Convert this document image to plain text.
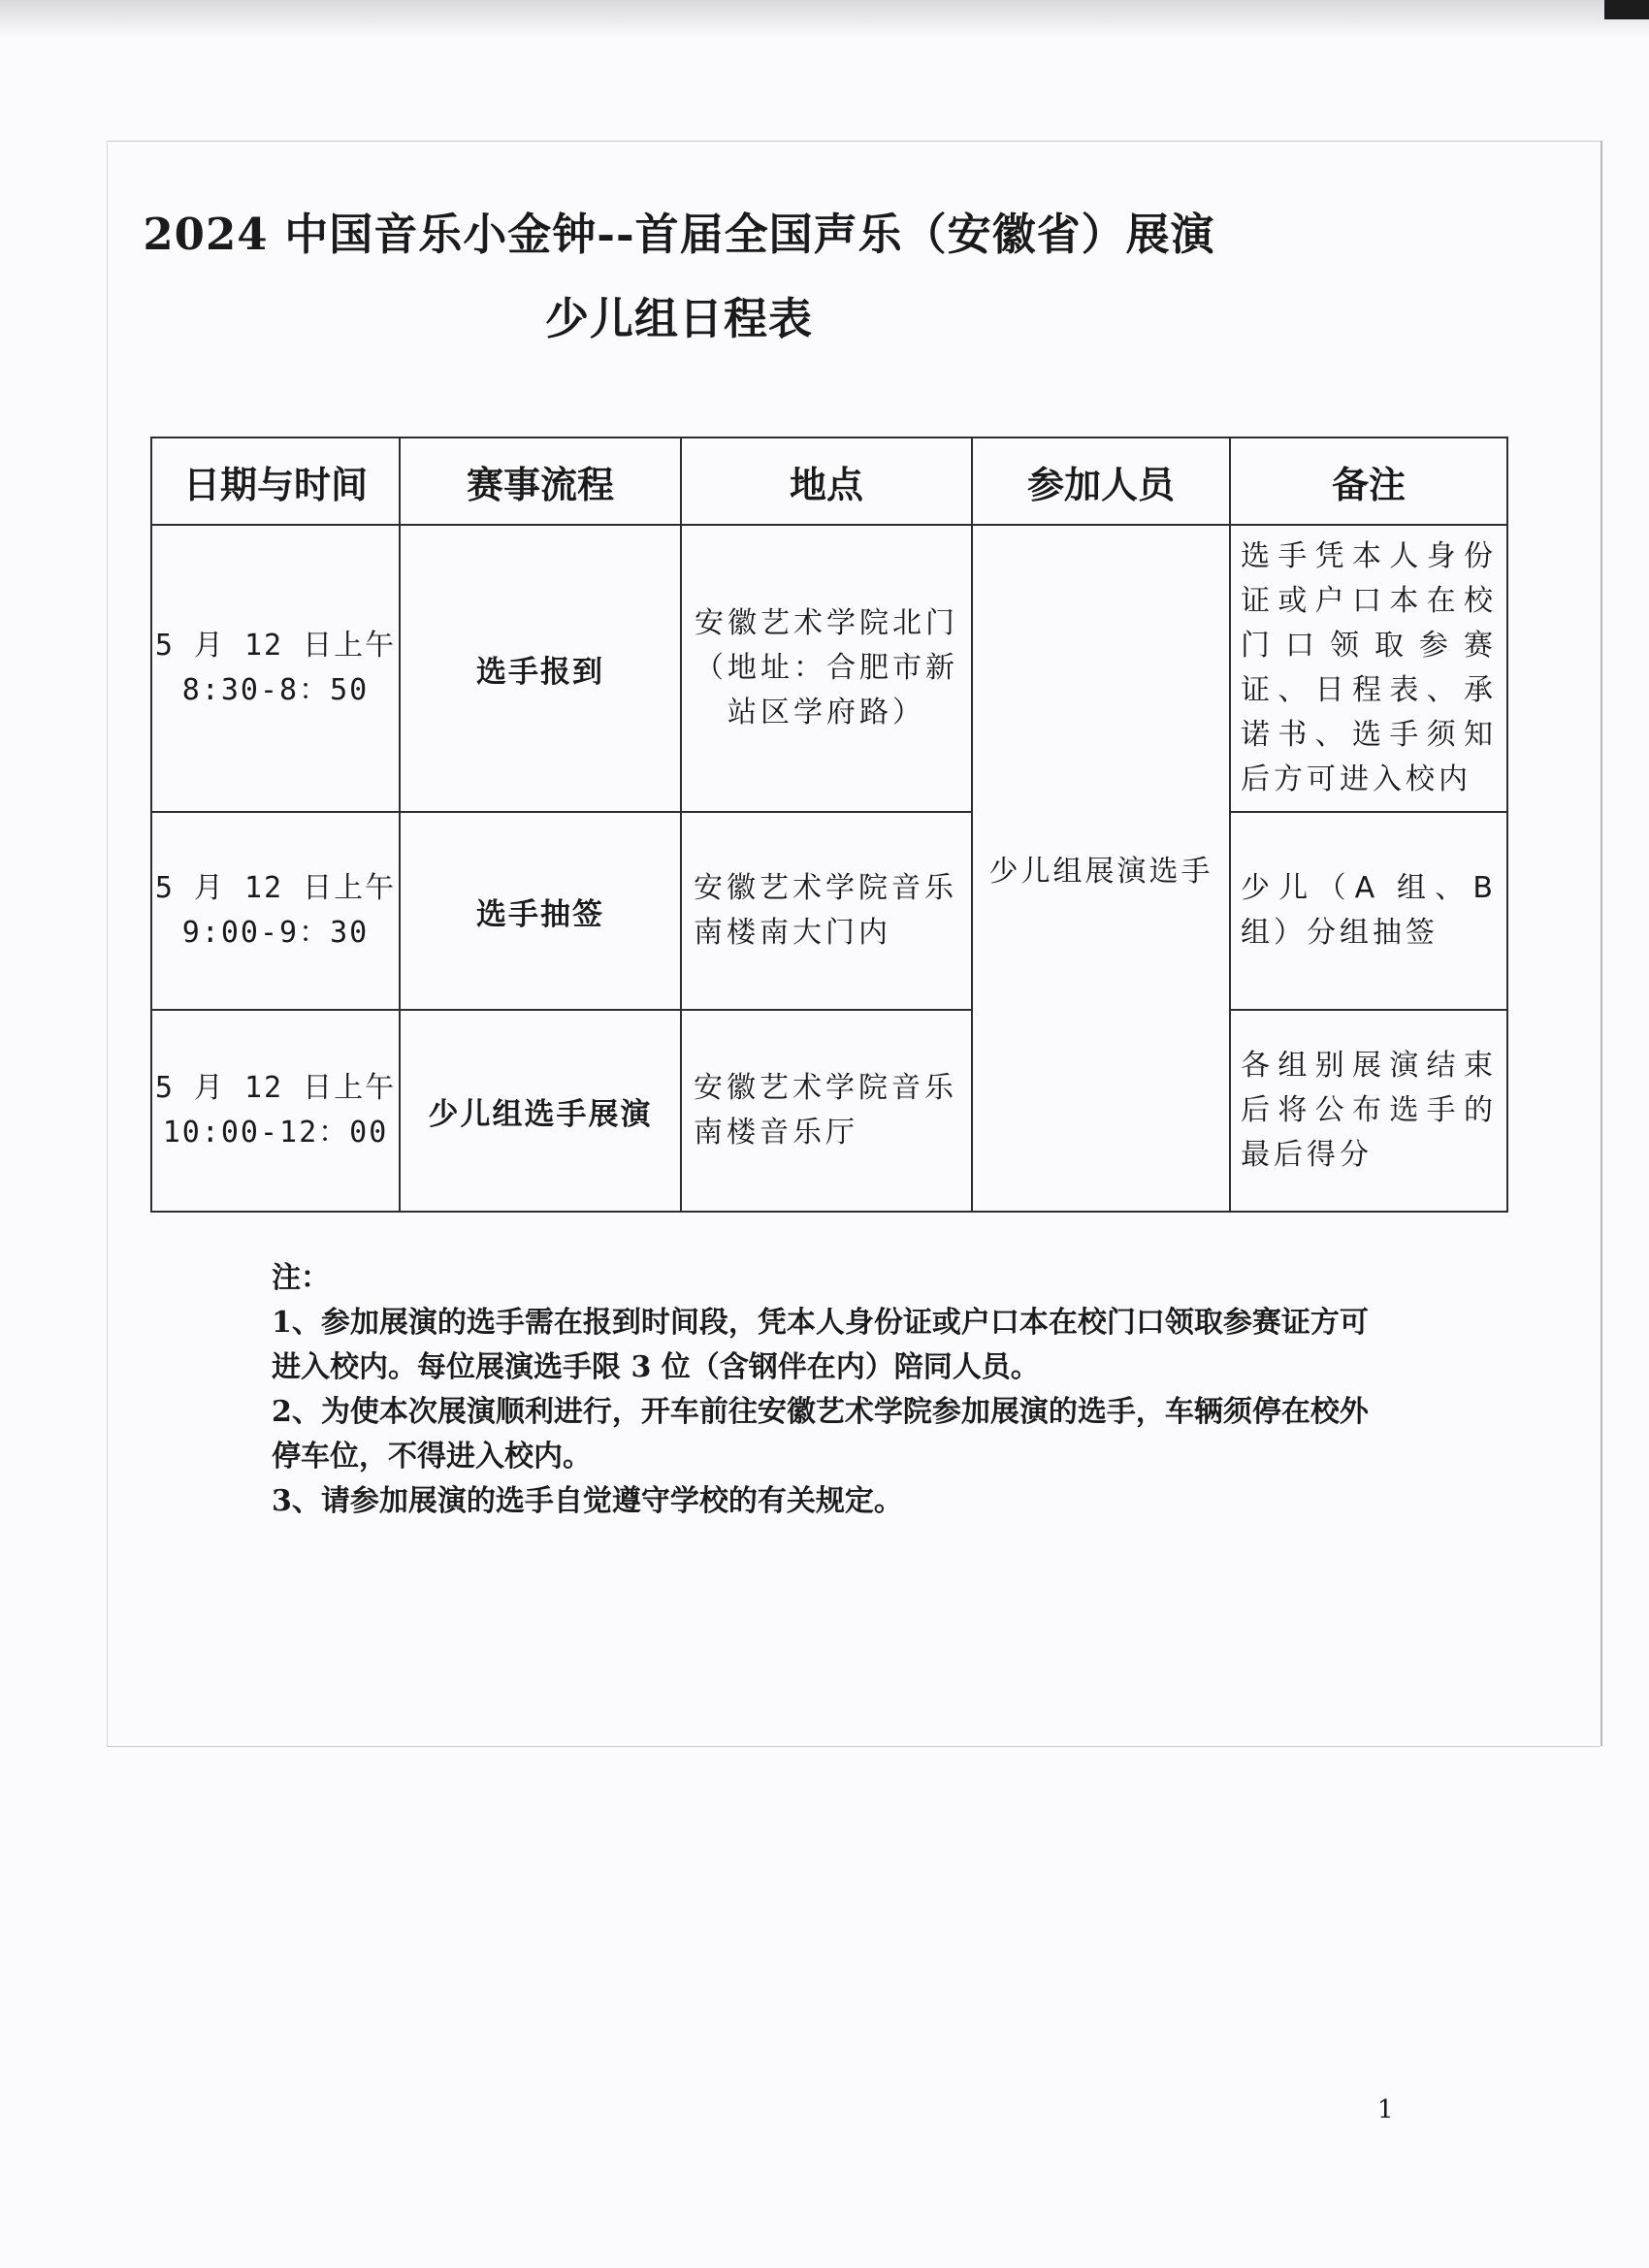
2024 中国音乐小金钟--首届全国声乐（安徽省）展演
少儿组日程表
日期与时间	赛事流程	地点	参加人员	备注

5 月 12 日上午
8:30-8：50	选手报到	安徽艺术学院北门（地址：合肥市新站区学府路）	少儿组展演选手	选手凭本人身份证或户口本在校门口领取参赛证、日程表、承诺书、选手须知后方可进入校内

5 月 12 日上午
9:00-9：30	选手抽签	安徽艺术学院音乐南楼南大门内		少儿（A 组、B 组）分组抽签

5 月 12 日上午
10:00-12：00	少儿组选手展演	安徽艺术学院音乐南楼音乐厅		各组别展演结束后将公布选手的最后得分

注：

1、参加展演的选手需在报到时间段，凭本人身份证或户口本在校门口领取参赛证方可进入校内。每位展演选手限 3 位（含钢伴在内）陪同人员。

2、为使本次展演顺利进行，开车前往安徽艺术学院参加展演的选手，车辆须停在校外停车位，不得进入校内。

3、请参加展演的选手自觉遵守学校的有关规定。

1
